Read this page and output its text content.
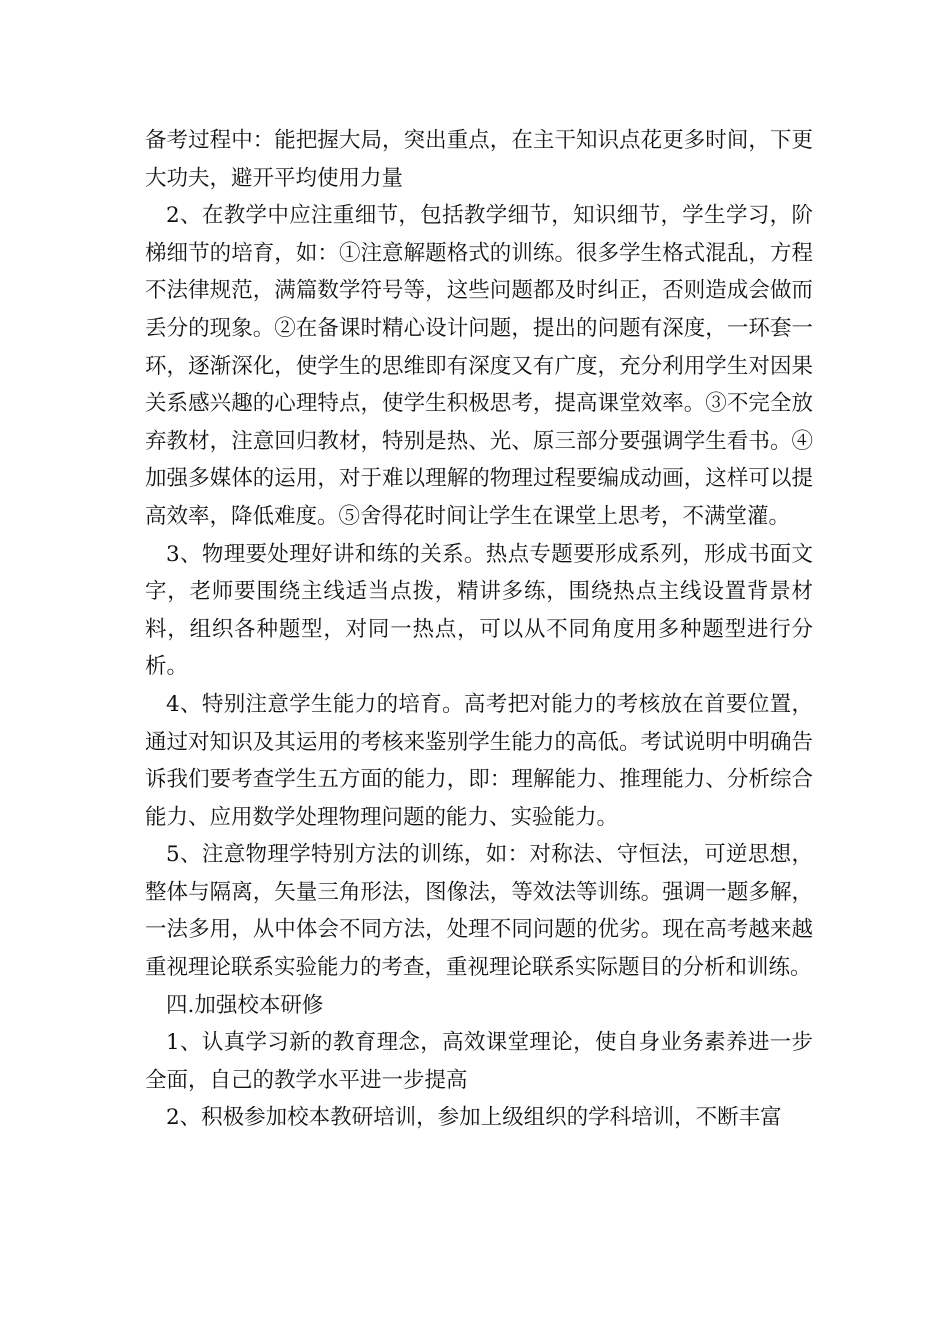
备考过程中：能把握大局，突出重点，在主干知识点花更多时间，下更大功夫，避开平均使用力量

2、在教学中应注重细节，包括教学细节，知识细节，学生学习，阶梯细节的培育，如：①注意解题格式的训练。很多学生格式混乱，方程不法律规范，满篇数学符号等，这些问题都及时纠正，否则造成会做而丢分的现象。②在备课时精心设计问题，提出的问题有深度，一环套一环，逐渐深化，使学生的思维即有深度又有广度，充分利用学生对因果关系感兴趣的心理特点，使学生积极思考，提高课堂效率。③不完全放弃教材，注意回归教材，特别是热、光、原三部分要强调学生看书。④加强多媒体的运用，对于难以理解的物理过程要编成动画，这样可以提高效率，降低难度。⑤舍得花时间让学生在课堂上思考，不满堂灌。

3、物理要处理好讲和练的关系。热点专题要形成系列，形成书面文字，老师要围绕主线适当点拨，精讲多练，围绕热点主线设置背景材料，组织各种题型，对同一热点，可以从不同角度用多种题型进行分析。

4、特别注意学生能力的培育。高考把对能力的考核放在首要位置，通过对知识及其运用的考核来鉴别学生能力的高低。考试说明中明确告诉我们要考查学生五方面的能力，即：理解能力、推理能力、分析综合能力、应用数学处理物理问题的能力、实验能力。

5、注意物理学特别方法的训练，如：对称法、守恒法，可逆思想，整体与隔离，矢量三角形法，图像法，等效法等训练。强调一题多解，一法多用，从中体会不同方法，处理不同问题的优劣。现在高考越来越重视理论联系实验能力的考查，重视理论联系实际题目的分析和训练。

四.加强校本研修

1、认真学习新的教育理念，高效课堂理论，使自身业务素养进一步全面，自己的教学水平进一步提高

2、积极参加校本教研培训，参加上级组织的学科培训，不断丰富
